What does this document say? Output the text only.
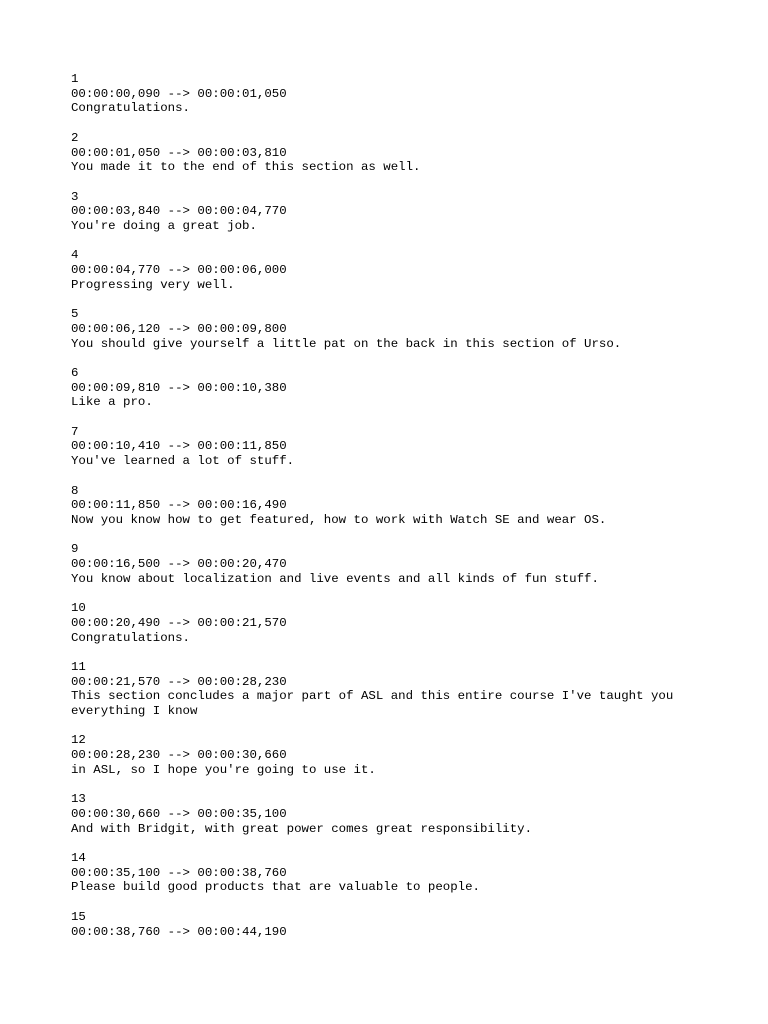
1
00:00:00,090 --> 00:00:01,050
Congratulations.
2
00:00:01,050 --> 00:00:03,810
You made it to the end of this section as well.
3
00:00:03,840 --> 00:00:04,770
You're doing a great job.
4
00:00:04,770 --> 00:00:06,000
Progressing very well.
5
00:00:06,120 --> 00:00:09,800
You should give yourself a little pat on the back in this section of Urso.
6
00:00:09,810 --> 00:00:10,380
Like a pro.
7
00:00:10,410 --> 00:00:11,850
You've learned a lot of stuff.
8
00:00:11,850 --> 00:00:16,490
Now you know how to get featured, how to work with Watch SE and wear OS.
9
00:00:16,500 --> 00:00:20,470
You know about localization and live events and all kinds of fun stuff.
10
00:00:20,490 --> 00:00:21,570
Congratulations.
11
00:00:21,570 --> 00:00:28,230
This section concludes a major part of ASL and this entire course I've taught you
everything I know
12
00:00:28,230 --> 00:00:30,660
in ASL, so I hope you're going to use it.
13
00:00:30,660 --> 00:00:35,100
And with Bridgit, with great power comes great responsibility.
14
00:00:35,100 --> 00:00:38,760
Please build good products that are valuable to people.
15
00:00:38,760 --> 00:00:44,190
